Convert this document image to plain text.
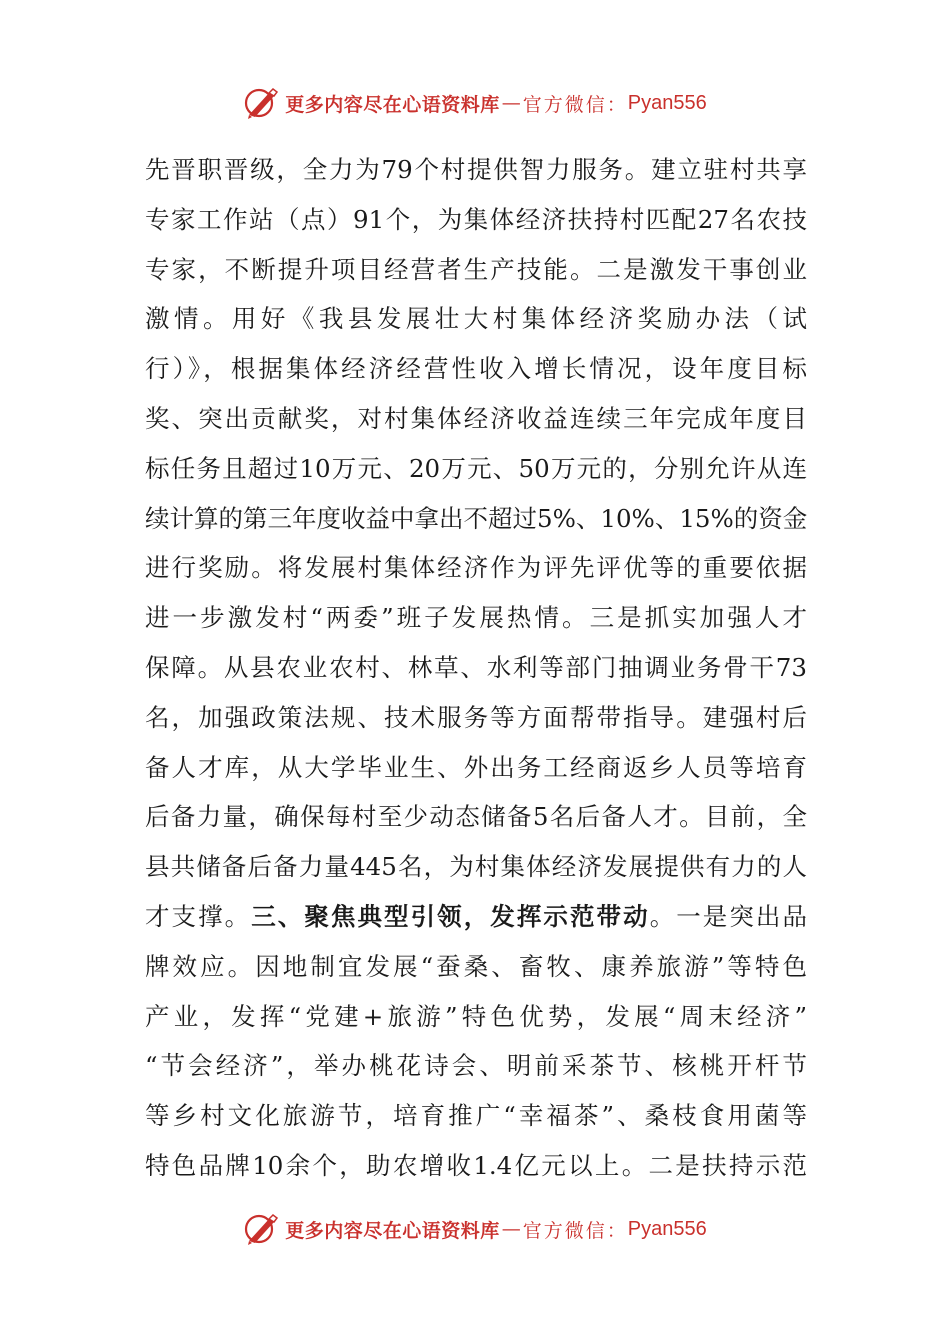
更多内容尽在心语资料库 — 官方微信： Pyan556
先晋职晋级，全力为79个村提供智力服务。建立驻村共享
专家工作站（点）91个，为集体经济扶持村匹配27名农技
专家，不断提升项目经营者生产技能。二是激发干事创业
激情。用好《我县发展壮大村集体经济奖励办法（试
行）》，根据集体经济经营性收入增长情况，设年度目标
奖、突出贡献奖，对村集体经济收益连续三年完成年度目
标任务且超过10万元、20万元、50万元的，分别允许从连
续计算的第三年度收益中拿出不超过5%、10%、15%的资金
进行奖励。将发展村集体经济作为评先评优等的重要依据
进一步激发村“两委”班子发展热情。三是抓实加强人才
保障。从县农业农村、林草、水利等部门抽调业务骨干73
名，加强政策法规、技术服务等方面帮带指导。建强村后
备人才库，从大学毕业生、外出务工经商返乡人员等培育
后备力量，确保每村至少动态储备5名后备人才。目前，全
县共储备后备力量445名，为村集体经济发展提供有力的人
才支撑。三、聚焦典型引领，发挥示范带动。一是突出品
牌效应。因地制宜发展“蚕桑、畜牧、康养旅游”等特色
产业，发挥“党建+旅游”特色优势，发展“周末经济”
“节会经济”，举办桃花诗会、明前采茶节、核桃开杆节
等乡村文化旅游节，培育推广“幸福茶”、桑枝食用菌等
特色品牌10余个，助农增收1.4亿元以上。二是扶持示范
更多内容尽在心语资料库 — 官方微信： Pyan556
